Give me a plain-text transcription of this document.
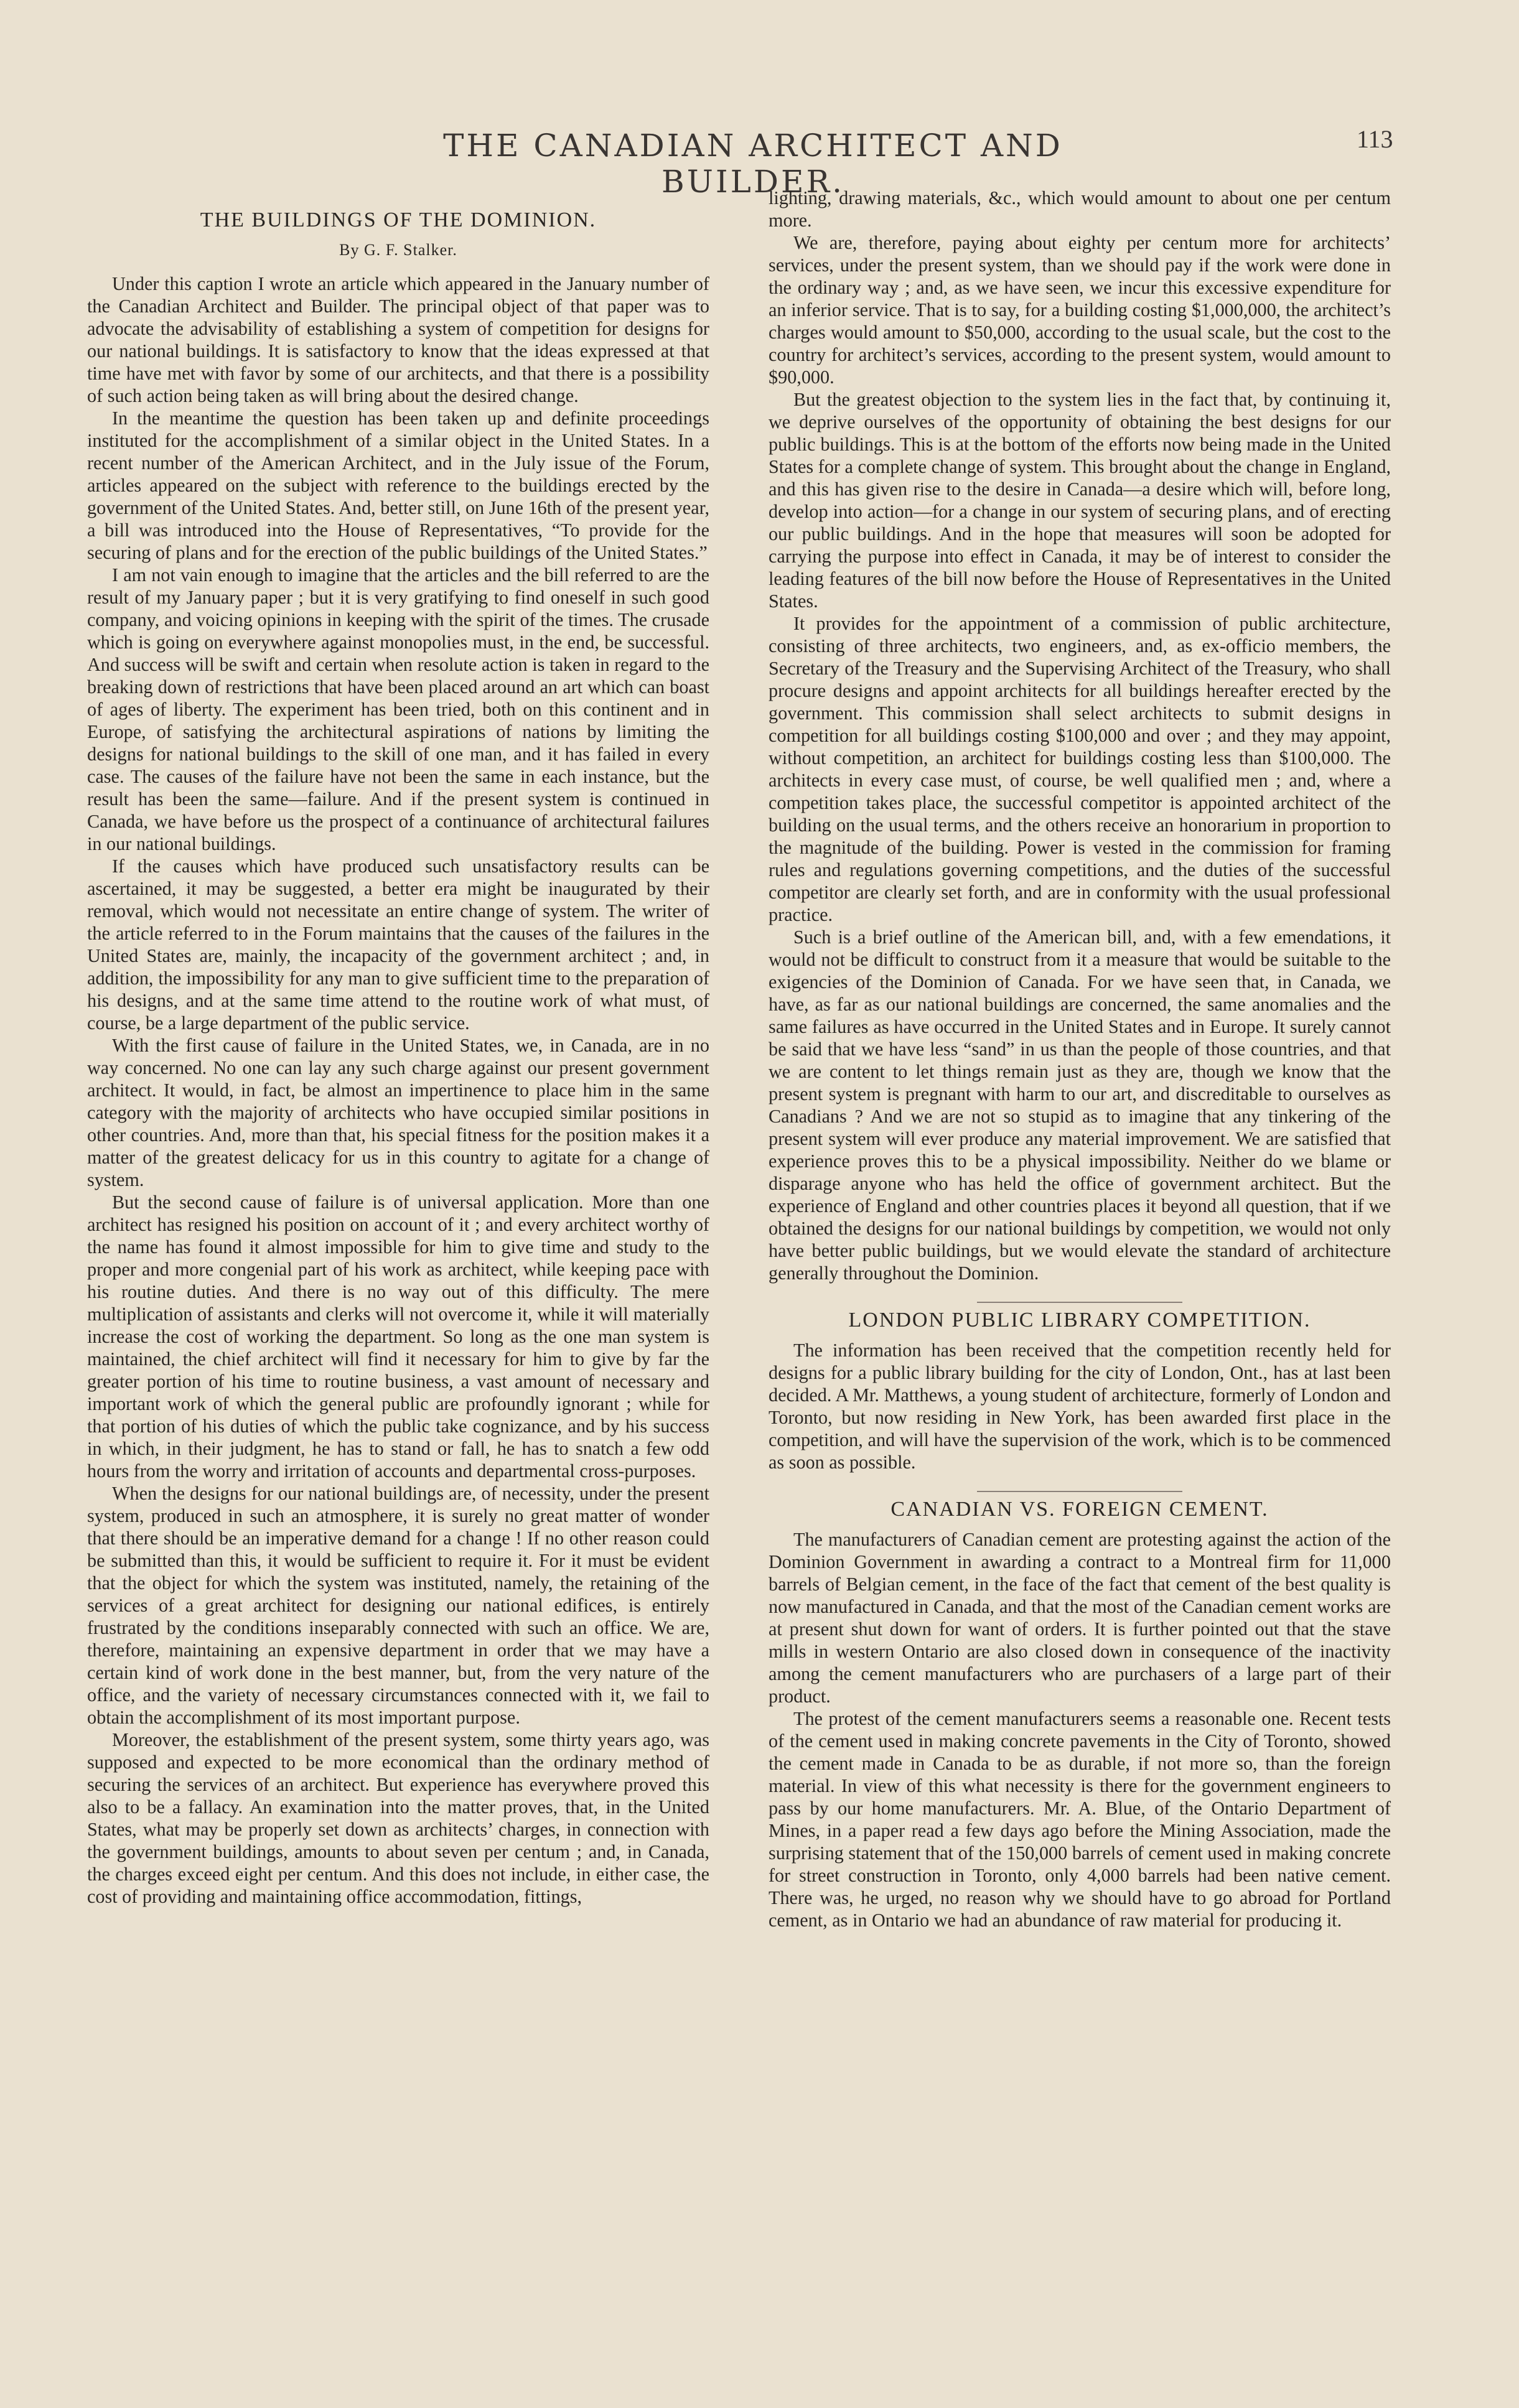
THE CANADIAN ARCHITECT AND BUILDER.
113
THE BUILDINGS OF THE DOMINION.
By G. F. Stalker.

Under this caption I wrote an article which appeared in the January number of the Canadian Architect and Builder. The principal object of that paper was to advocate the advisability of establishing a system of competition for designs for our national buildings. It is satisfactory to know that the ideas expressed at that time have met with favor by some of our architects, and that there is a possibility of such action being taken as will bring about the desired change.

In the meantime the question has been taken up and definite proceedings instituted for the accomplishment of a similar object in the United States. In a recent number of the American Architect, and in the July issue of the Forum, articles appeared on the subject with reference to the buildings erected by the government of the United States. And, better still, on June 16th of the present year, a bill was introduced into the House of Representatives, “To provide for the securing of plans and for the erection of the public buildings of the United States.”

I am not vain enough to imagine that the articles and the bill referred to are the result of my January paper ; but it is very gratifying to find oneself in such good company, and voicing opinions in keeping with the spirit of the times. The crusade which is going on everywhere against monopolies must, in the end, be successful. And success will be swift and certain when resolute action is taken in regard to the breaking down of restrictions that have been placed around an art which can boast of ages of liberty. The experiment has been tried, both on this continent and in Europe, of satisfying the architectural aspirations of nations by limiting the designs for national buildings to the skill of one man, and it has failed in every case. The causes of the failure have not been the same in each instance, but the result has been the same—failure. And if the present system is continued in Canada, we have before us the prospect of a continuance of architectural failures in our national buildings.

If the causes which have produced such unsatisfactory results can be ascertained, it may be suggested, a better era might be inaugurated by their removal, which would not necessitate an entire change of system. The writer of the article referred to in the Forum maintains that the causes of the failures in the United States are, mainly, the incapacity of the government architect ; and, in addition, the impossibility for any man to give sufficient time to the preparation of his designs, and at the same time attend to the routine work of what must, of course, be a large department of the public service.

With the first cause of failure in the United States, we, in Canada, are in no way concerned. No one can lay any such charge against our present government architect. It would, in fact, be almost an impertinence to place him in the same category with the majority of architects who have occupied similar positions in other countries. And, more than that, his special fitness for the position makes it a matter of the greatest delicacy for us in this country to agitate for a change of system.

But the second cause of failure is of universal application. More than one architect has resigned his position on account of it ; and every architect worthy of the name has found it almost impossible for him to give time and study to the proper and more congenial part of his work as architect, while keeping pace with his routine duties. And there is no way out of this difficulty. The mere multiplication of assistants and clerks will not overcome it, while it will materially increase the cost of working the department. So long as the one man system is maintained, the chief architect will find it necessary for him to give by far the greater portion of his time to routine business, a vast amount of necessary and important work of which the general public are profoundly ignorant ; while for that portion of his duties of which the public take cognizance, and by his success in which, in their judgment, he has to stand or fall, he has to snatch a few odd hours from the worry and irritation of accounts and departmental cross-purposes.

When the designs for our national buildings are, of necessity, under the present system, produced in such an atmosphere, it is surely no great matter of wonder that there should be an imperative demand for a change ! If no other reason could be submitted than this, it would be sufficient to require it. For it must be evident that the object for which the system was instituted, namely, the retaining of the services of a great architect for designing our national edifices, is entirely frustrated by the conditions inseparably connected with such an office. We are, therefore, maintaining an expensive department in order that we may have a certain kind of work done in the best manner, but, from the very nature of the office, and the variety of necessary circumstances connected with it, we fail to obtain the accomplishment of its most important purpose.

Moreover, the establishment of the present system, some thirty years ago, was supposed and expected to be more economical than the ordinary method of securing the services of an architect. But experience has everywhere proved this also to be a fallacy. An examination into the matter proves, that, in the United States, what may be properly set down as architects’ charges, in connection with the government buildings, amounts to about seven per centum ; and, in Canada, the charges exceed eight per centum. And this does not include, in either case, the cost of providing and maintaining office accommodation, fittings,

lighting, drawing materials, &c., which would amount to about one per centum more.

We are, therefore, paying about eighty per centum more for architects’ services, under the present system, than we should pay if the work were done in the ordinary way ; and, as we have seen, we incur this excessive expenditure for an inferior service. That is to say, for a building costing $1,000,000, the architect’s charges would amount to $50,000, according to the usual scale, but the cost to the country for architect’s services, according to the present system, would amount to $90,000.

But the greatest objection to the system lies in the fact that, by continuing it, we deprive ourselves of the opportunity of obtaining the best designs for our public buildings. This is at the bottom of the efforts now being made in the United States for a complete change of system. This brought about the change in England, and this has given rise to the desire in Canada—a desire which will, before long, develop into action—for a change in our system of securing plans, and of erecting our public buildings. And in the hope that measures will soon be adopted for carrying the purpose into effect in Canada, it may be of interest to consider the leading features of the bill now before the House of Representatives in the United States.

It provides for the appointment of a commission of public architecture, consisting of three architects, two engineers, and, as ex-officio members, the Secretary of the Treasury and the Supervising Architect of the Treasury, who shall procure designs and appoint architects for all buildings hereafter erected by the government. This commission shall select architects to submit designs in competition for all buildings costing $100,000 and over ; and they may appoint, without competition, an architect for buildings costing less than $100,000. The architects in every case must, of course, be well qualified men ; and, where a competition takes place, the successful competitor is appointed architect of the building on the usual terms, and the others receive an honorarium in proportion to the magnitude of the building. Power is vested in the commission for framing rules and regulations governing competitions, and the duties of the successful competitor are clearly set forth, and are in conformity with the usual professional practice.

Such is a brief outline of the American bill, and, with a few emendations, it would not be difficult to construct from it a measure that would be suitable to the exigencies of the Dominion of Canada. For we have seen that, in Canada, we have, as far as our national buildings are concerned, the same anomalies and the same failures as have occurred in the United States and in Europe. It surely cannot be said that we have less “sand” in us than the people of those countries, and that we are content to let things remain just as they are, though we know that the present system is pregnant with harm to our art, and discreditable to ourselves as Canadians ? And we are not so stupid as to imagine that any tinkering of the present system will ever produce any material improvement. We are satisfied that experience proves this to be a physical impossibility. Neither do we blame or disparage anyone who has held the office of government architect. But the experience of England and other countries places it beyond all question, that if we obtained the designs for our national buildings by competition, we would not only have better public buildings, but we would elevate the standard of architecture generally throughout the Dominion.

LONDON PUBLIC LIBRARY COMPETITION.

The information has been received that the competition recently held for designs for a public library building for the city of London, Ont., has at last been decided. A Mr. Matthews, a young student of architecture, formerly of London and Toronto, but now residing in New York, has been awarded first place in the competition, and will have the supervision of the work, which is to be commenced as soon as possible.

CANADIAN VS. FOREIGN CEMENT.

The manufacturers of Canadian cement are protesting against the action of the Dominion Government in awarding a contract to a Montreal firm for 11,000 barrels of Belgian cement, in the face of the fact that cement of the best quality is now manufactured in Canada, and that the most of the Canadian cement works are at present shut down for want of orders. It is further pointed out that the stave mills in western Ontario are also closed down in consequence of the inactivity among the cement manufacturers who are purchasers of a large part of their product.

The protest of the cement manufacturers seems a reasonable one. Recent tests of the cement used in making concrete pavements in the City of Toronto, showed the cement made in Canada to be as durable, if not more so, than the foreign material. In view of this what necessity is there for the government engineers to pass by our home manufacturers. Mr. A. Blue, of the Ontario Department of Mines, in a paper read a few days ago before the Mining Association, made the surprising statement that of the 150,000 barrels of cement used in making concrete for street construction in Toronto, only 4,000 barrels had been native cement. There was, he urged, no reason why we should have to go abroad for Portland cement, as in Ontario we had an abundance of raw material for producing it.
